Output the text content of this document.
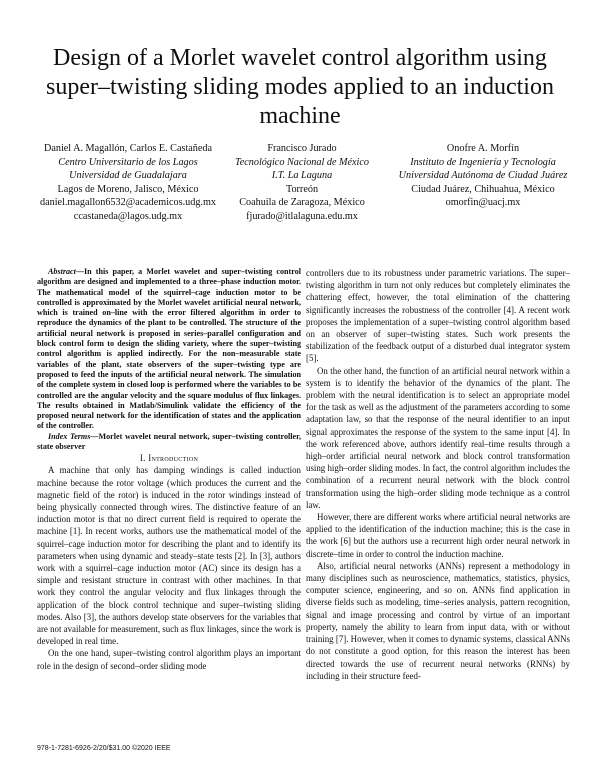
Design of a Morlet wavelet control algorithm using super–twisting sliding modes applied to an induction machine
Daniel A. Magallón, Carlos E. Castañeda
Centro Universitario de los Lagos
Universidad de Guadalajara
Lagos de Moreno, Jalisco, México
daniel.magallon6532@academicos.udg.mx
ccastaneda@lagos.udg.mx
Francisco Jurado
Tecnológico Nacional de México
I.T. La Laguna
Torreón
Coahuila de Zaragoza, México
fjurado@itlalaguna.edu.mx
Onofre A. Morfín
Instituto de Ingeniería y Tecnología
Universidad Autónoma de Ciudad Juárez
Ciudad Juárez, Chihuahua, México
omorfin@uacj.mx

Abstract—In this paper, a Morlet wavelet and super–twisting control algorithm are designed and implemented to a three–phase induction motor. The mathematical model of the squirrel–cage induction motor to be controlled is approximated by the Morlet wavelet artificial neural network, which is trained on–line with the error filtered algorithm in order to reproduce the dynamics of the plant to be controlled. The structure of the artificial neural network is proposed in series–parallel configuration and block control form to design the sliding variety, where the super–twisting control algorithm is applied indirectly. For the non–measurable state variables of the plant, state observers of the super–twisting type are proposed to feed the inputs of the artificial neural network. The simulation of the complete system in closed loop is performed where the variables to be controlled are the angular velocity and the square modulus of flux linkages. The results obtained in Matlab/Simulink validate the efficiency of the proposed neural network for the identification of states and the application of the controller.

Index Terms—Morlet wavelet neural network, super–twisting controller, state observer

I. Introduction

A machine that only has damping windings is called induction machine because the rotor voltage (which produces the current and the magnetic field of the rotor) is induced in the rotor windings instead of being physically connected through wires. The distinctive feature of an induction motor is that no direct current field is required to operate the machine [1]. In recent works, authors use the mathematical model of the squirrel–cage induction motor for describing the plant and to identify its parameters when using dynamic and steady–state tests [2]. In [3], authors work with a squirrel–cage induction motor (AC) since its design has a simple and resistant structure in contrast with other machines. In that work they control the angular velocity and flux linkages through the application of the block control technique and super–twisting sliding modes. Also [3], the authors develop state observers for the variables that are not available for measurement, such as flux linkages, since the work is developed in real time.

On the one hand, super–twisting control algorithm plays an important role in the design of second–order sliding mode

controllers due to its robustness under parametric variations. The super–twisting algorithm in turn not only reduces but completely eliminates the chattering effect, however, the total elimination of the chattering significantly increases the robustness of the controller [4]. A recent work proposes the implementation of a super–twisting control algorithm based on an observer of super–twisting states. Such work presents the stabilization of the feedback output of a disturbed dual integrator system [5].

On the other hand, the function of an artificial neural network within a system is to identify the behavior of the dynamics of the plant. The problem with the neural identification is to select an appropriate model for the task as well as the adjustment of the parameters according to some adaptation law, so that the response of the neural identifier to an input signal approximates the response of the system to the same input [4]. In the work referenced above, authors identify real–time results through a high–order artificial neural network and block control transformation using high–order sliding modes. In fact, the control algorithm includes the combination of a recurrent neural network with the block control transformation using the high–order sliding mode technique as a control law.

However, there are different works where artificial neural networks are applied to the identification of the induction machine; this is the case in the work [6] but the authors use a recurrent high order neural network in discrete–time in order to control the induction machine.

Also, artificial neural networks (ANNs) represent a methodology in many disciplines such as neuroscience, mathematics, statistics, physics, computer science, engineering, and so on. ANNs find application in diverse fields such as modeling, time–series analysis, pattern recognition, signal and image processing and control by virtue of an important property, namely the ability to learn from input data, with or without training [7]. However, when it comes to dynamic systems, classical ANNs do not constitute a good option, for this reason the interest has been directed towards the use of recurrent neural networks (RNNs) by including in their structure feed-

978-1-7281-6926-2/20/$31.00 ©2020 IEEE
